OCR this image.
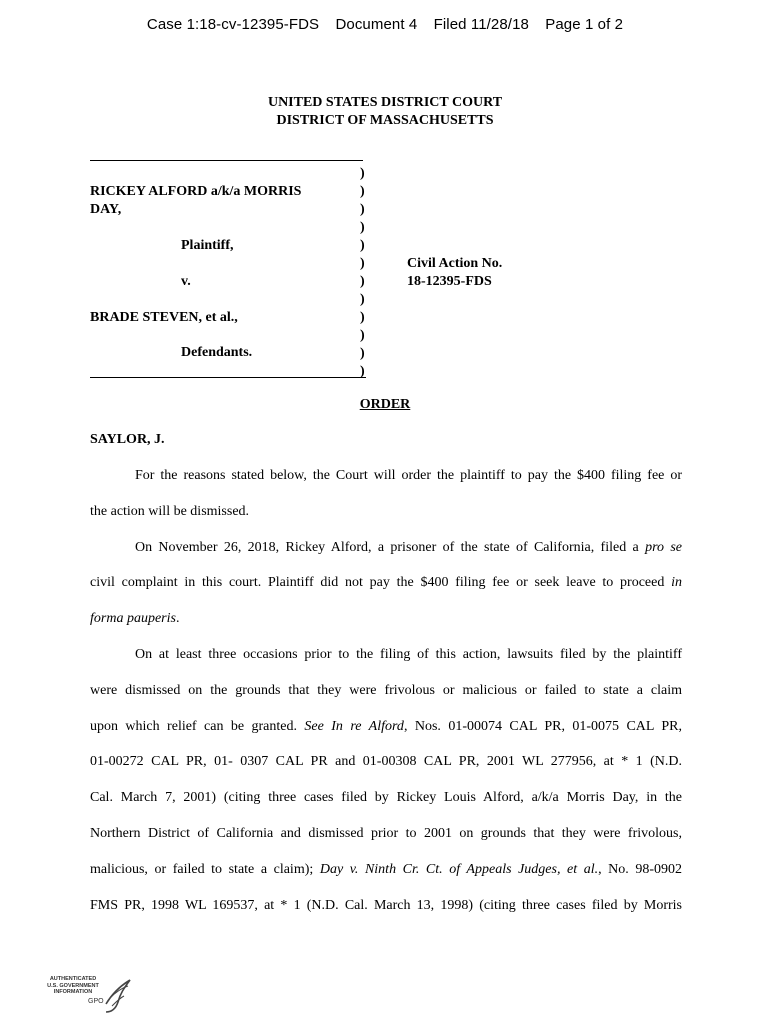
Case 1:18-cv-12395-FDS Document 4 Filed 11/28/18 Page 1 of 2
UNITED STATES DISTRICT COURT
DISTRICT OF MASSACHUSETTS
)
)
)
)
)
)
)
)
)
)
)
)
RICKEY ALFORD a/k/a MORRIS
DAY,
Plaintiff,
v.
BRADE STEVEN, et al.,
Defendants.
Civil Action No.
18-12395-FDS
ORDER
SAYLOR, J.
For the reasons stated below, the Court will order the plaintiff to pay the $400 filing fee or
the action will be dismissed.
On November 26, 2018, Rickey Alford, a prisoner of the state of California, filed a pro se
civil complaint in this court. Plaintiff did not pay the $400 filing fee or seek leave to proceed in
forma pauperis.
On at least three occasions prior to the filing of this action, lawsuits filed by the plaintiff
were dismissed on the grounds that they were frivolous or malicious or failed to state a claim
upon which relief can be granted. See In re Alford, Nos. 01-00074 CAL PR, 01-0075 CAL PR,
01-00272 CAL PR, 01- 0307 CAL PR and 01-00308 CAL PR, 2001 WL 277956, at * 1 (N.D.
Cal. March 7, 2001) (citing three cases filed by Rickey Louis Alford, a/k/a Morris Day, in the
Northern District of California and dismissed prior to 2001 on grounds that they were frivolous,
malicious, or failed to state a claim); Day v. Ninth Cr. Ct. of Appeals Judges, et al., No. 98-0902
FMS PR, 1998 WL 169537, at * 1 (N.D. Cal. March 13, 1998) (citing three cases filed by Morris
AUTHENTICATED
U.S. GOVERNMENT
INFORMATION
GPO
